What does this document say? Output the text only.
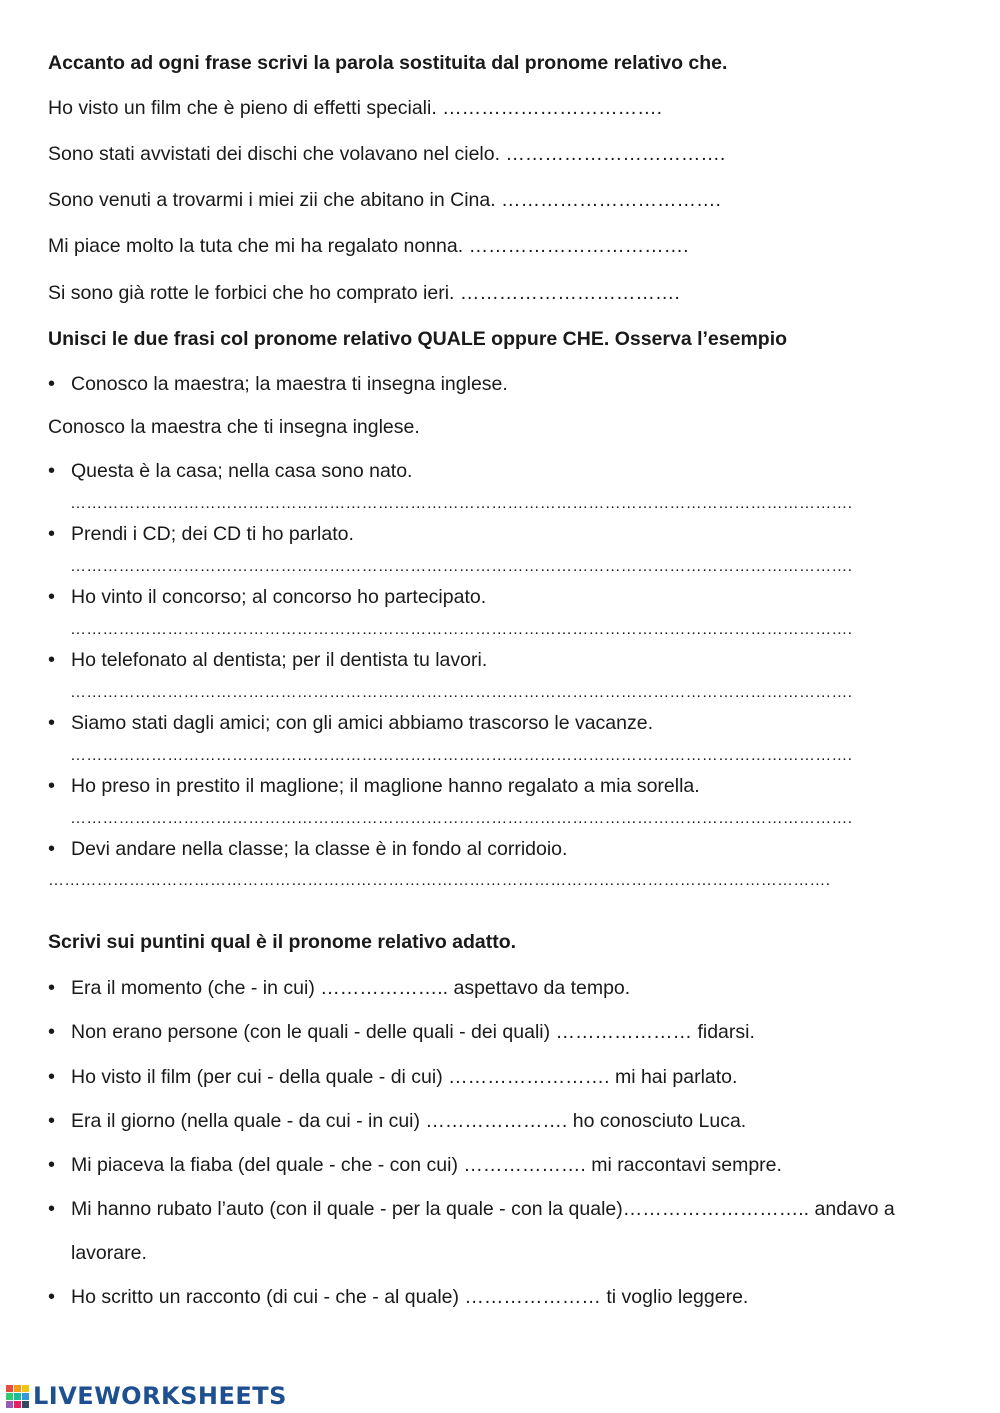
Accanto ad ogni frase scrivi la parola sostituita dal pronome relativo che.
Ho visto un film che è pieno di effetti speciali. …………………………….
Sono stati avvistati dei dischi che volavano nel cielo. …………………………….
Sono venuti a trovarmi i miei zii che abitano in Cina. …………………………….
Mi piace molto la tuta che mi ha regalato nonna. …………………………….
Si sono già rotte le forbici che ho comprato ieri. …………………………….
Unisci le due frasi col pronome relativo QUALE oppure CHE. Osserva l’esempio
• Conosco la maestra; la maestra ti insegna inglese.
Conosco la maestra che ti insegna inglese.
• Questa è la casa; nella casa sono nato.
……………………………………………………………………………………………………………………………….
• Prendi i CD; dei CD ti ho parlato.
……………………………………………………………………………………………………………………………….
• Ho vinto il concorso; al concorso ho partecipato.
……………………………………………………………………………………………………………………………….
• Ho telefonato al dentista; per il dentista tu lavori.
……………………………………………………………………………………………………………………………….
• Siamo stati dagli amici; con gli amici abbiamo trascorso le vacanze.
……………………………………………………………………………………………………………………………….
• Ho preso in prestito il maglione; il maglione hanno regalato a mia sorella.
……………………………………………………………………………………………………………………………….
• Devi andare nella classe; la classe è in fondo al corridoio.
……………………………………………………………………………………………………………………………….
Scrivi sui puntini qual è il pronome relativo adatto.
• Era il momento (che - in cui) ……………….. aspettavo da tempo.
• Non erano persone (con le quali - delle quali - dei quali) ………………… fidarsi.
• Ho visto il film (per cui - della quale - di cui) ……………………. mi hai parlato.
• Era il giorno (nella quale - da cui - in cui) …………………. ho conosciuto Luca.
• Mi piaceva la fiaba (del quale - che - con cui) ………………. mi raccontavi sempre.
• Mi hanno rubato l’auto (con il quale - per la quale - con la quale)……………………….. andavo a
lavorare.
• Ho scritto un racconto (di cui - che - al quale) ………………… ti voglio leggere.
LIVEWORKSHEETS
